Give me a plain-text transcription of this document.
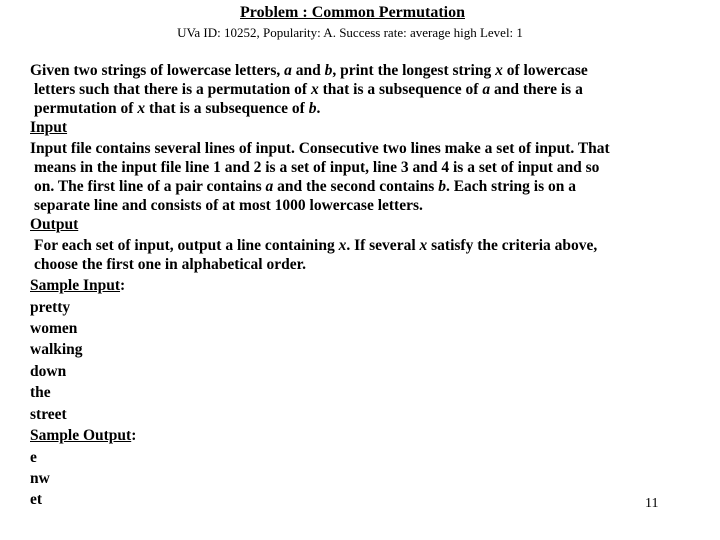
Problem : Common Permutation
UVa ID: 10252, Popularity: A. Success rate: average high Level: 1
Given two strings of lowercase letters, a and b, print the longest string x of lowercase
letters such that there is a permutation of x that is a subsequence of a and there is a
permutation of x that is a subsequence of b.
Input
Input file contains several lines of input. Consecutive two lines make a set of input. That
means in the input file line 1 and 2 is a set of input, line 3 and 4 is a set of input and so
on. The first line of a pair contains a and the second contains b. Each string is on a
separate line and consists of at most 1000 lowercase letters.
Output
For each set of input, output a line containing x. If several x satisfy the criteria above,
choose the first one in alphabetical order.
Sample Input:
pretty
women
walking
down
the
street
Sample Output:
e
nw
et	11
